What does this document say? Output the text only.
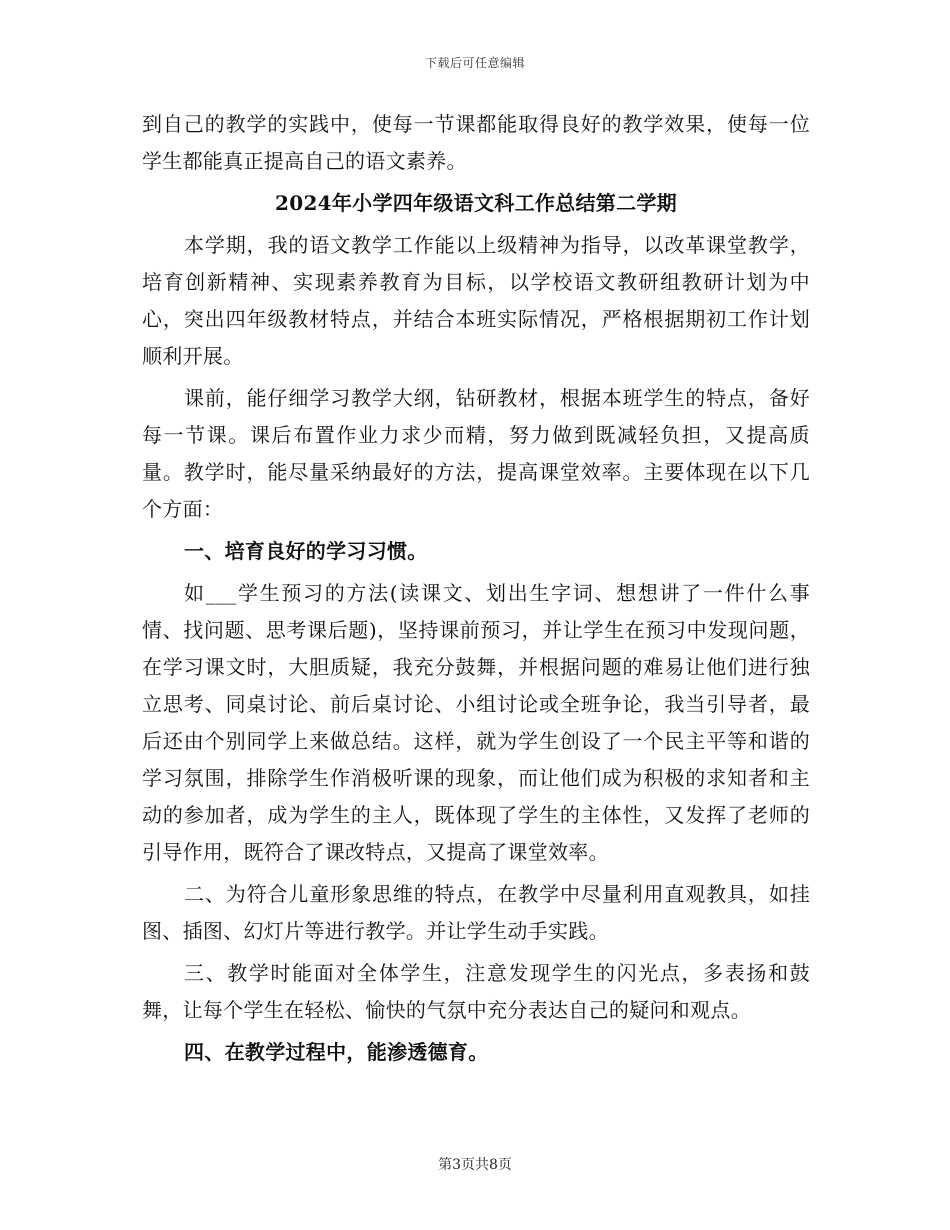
下载后可任意编辑

到自己的教学的实践中，使每一节课都能取得良好的教学效果，使每一位学生都能真正提高自己的语文素养。

2024年小学四年级语文科工作总结第二学期

本学期，我的语文教学工作能以上级精神为指导，以改革课堂教学，培育创新精神、实现素养教育为目标，以学校语文教研组教研计划为中心，突出四年级教材特点，并结合本班实际情况，严格根据期初工作计划顺利开展。

课前，能仔细学习教学大纲，钻研教材，根据本班学生的特点，备好每一节课。课后布置作业力求少而精，努力做到既减轻负担，又提高质量。教学时，能尽量采纳最好的方法，提高课堂效率。主要体现在以下几个方面：

一、培育良好的学习习惯。

如___学生预习的方法(读课文、划出生字词、想想讲了一件什么事情、找问题、思考课后题)，坚持课前预习，并让学生在预习中发现问题，在学习课文时，大胆质疑，我充分鼓舞，并根据问题的难易让他们进行独立思考、同桌讨论、前后桌讨论、小组讨论或全班争论，我当引导者，最后还由个别同学上来做总结。这样，就为学生创设了一个民主平等和谐的学习氛围，排除学生作消极听课的现象，而让他们成为积极的求知者和主动的参加者，成为学生的主人，既体现了学生的主体性，又发挥了老师的引导作用，既符合了课改特点，又提高了课堂效率。

二、为符合儿童形象思维的特点，在教学中尽量利用直观教具，如挂图、插图、幻灯片等进行教学。并让学生动手实践。

三、教学时能面对全体学生，注意发现学生的闪光点，多表扬和鼓舞，让每个学生在轻松、愉快的气氛中充分表达自己的疑问和观点。

四、在教学过程中，能渗透德育。

第3页共8页
